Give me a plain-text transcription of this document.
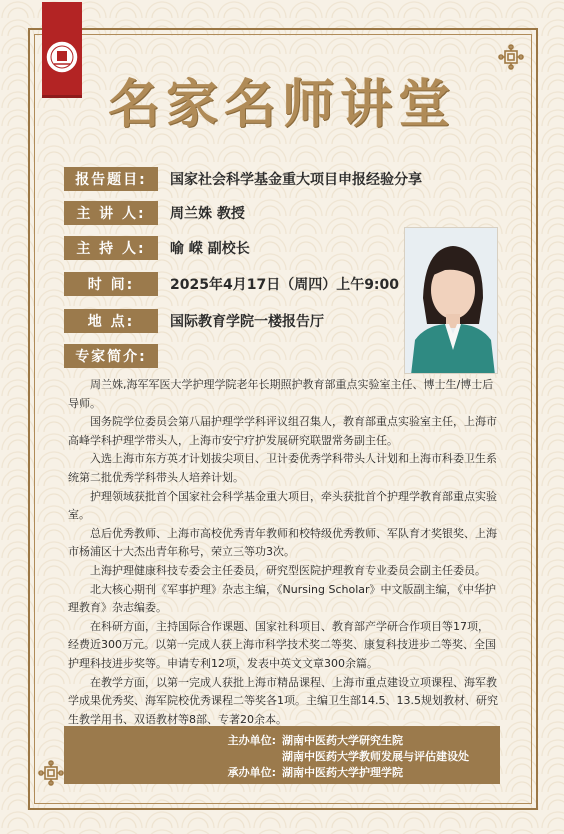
名家名师讲堂
报告题目:	国家社会科学基金重大项目申报经验分享
主 讲 人:	周兰姝 教授
主 持 人:	喻 嵘 副校长
时 间:	2025年4月17日（周四）上午9:00
地 点:	国际教育学院一楼报告厅
专家简介:

周兰姝,海军军医大学护理学院老年长期照护教育部重点实验室主任、博士生/博士后导师。

国务院学位委员会第八届护理学学科评议组召集人，教育部重点实验室主任，上海市高峰学科护理学带头人，上海市安宁疗护发展研究联盟常务副主任。

入选上海市东方英才计划拔尖项目、卫计委优秀学科带头人计划和上海市科委卫生系统第二批优秀学科带头人培养计划。

护理领域获批首个国家社会科学基金重大项目，牵头获批首个护理学教育部重点实验室。

总后优秀教师、上海市高校优秀青年教师和校特级优秀教师、军队育才奖银奖、上海市杨浦区十大杰出青年称号，荣立三等功3次。

上海护理健康科技专委会主任委员，研究型医院护理教育专业委员会副主任委员。

北大核心期刊《军事护理》杂志主编，《Nursing Scholar》中文版副主编，《中华护理教育》杂志编委。

在科研方面，主持国际合作课题、国家社科项目、教育部产学研合作项目等17项，经费近300万元。以第一完成人获上海市科学技术奖二等奖、康复科技进步二等奖、全国护理科技进步奖等。申请专利12项，发表中英文文章300余篇。

在教学方面，以第一完成人获批上海市精品课程、上海市重点建设立项课程、海军教学成果优秀奖、海军院校优秀课程二等奖各1项。主编卫生部14.5、13.5规划教材、研究生教学用书、双语教材等8部、专著20余本。

主办单位: 湖南中医药大学研究生院
湖南中医药大学教师发展与评估建设处
承办单位: 湖南中医药大学护理学院
